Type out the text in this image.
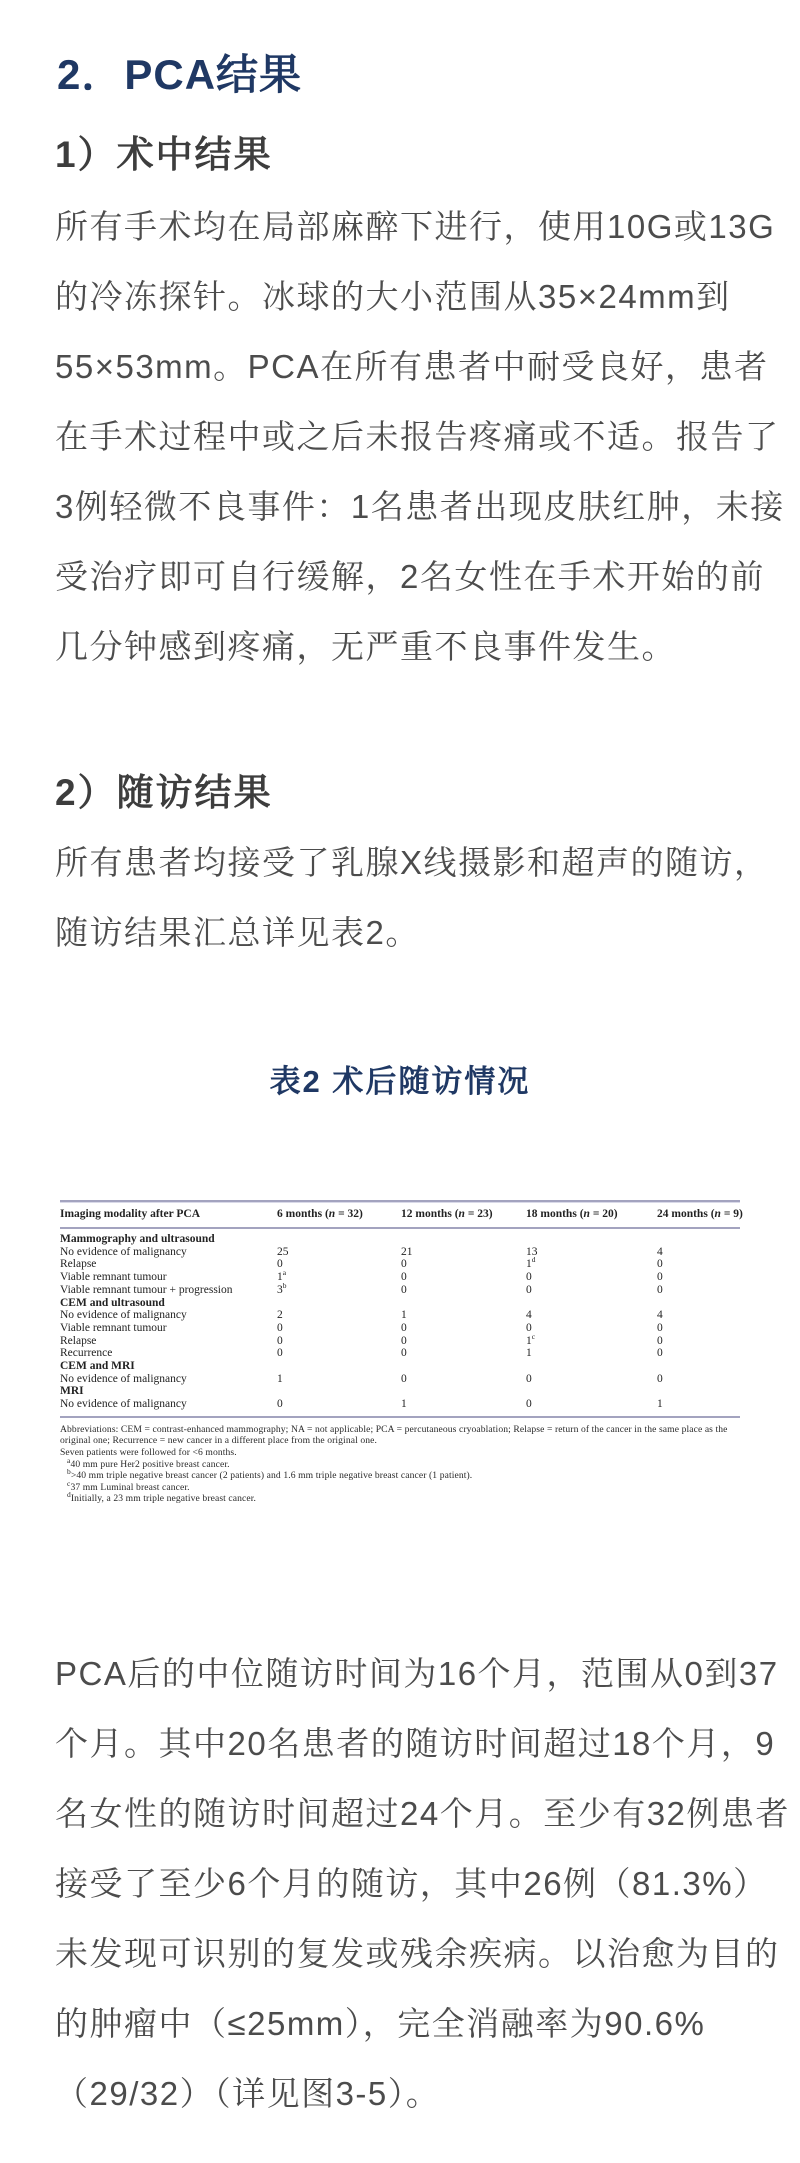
2．PCA结果
1）术中结果
所有手术均在局部麻醉下进行，使用10G或13G
的冷冻探针。冰球的大小范围从35×24mm到
55×53mm。PCA在所有患者中耐受良好，患者
在手术过程中或之后未报告疼痛或不适。报告了
3例轻微不良事件：1名患者出现皮肤红肿，未接
受治疗即可自行缓解，2名女性在手术开始的前
几分钟感到疼痛，无严重不良事件发生。
2）随访结果
所有患者均接受了乳腺X线摄影和超声的随访，
随访结果汇总详见表2。
表2 术后随访情况
Imaging modality after PCA	6 months (n = 32)	12 months (n = 23)	18 months (n = 20)	24 months (n = 9)
Mammography and ultrasound
No evidence of malignancy	25	21	13	4
Relapse	0	0	1$^d$	0
Viable remnant tumour	1$^a$	0	0	0
Viable remnant tumour + progression	3$^b$	0	0	0
CEM and ultrasound
No evidence of malignancy	2	1	4	4
Viable remnant tumour	0	0	0	0
Relapse	0	0	1$^c$	0
Recurrence	0	0	1	0
CEM and MRI
No evidence of malignancy	1	0	0	0
MRI
No evidence of malignancy	0	1	0	1
Abbreviations: CEM = contrast-enhanced mammography; NA = not applicable; PCA = percutaneous cryoablation; Relapse = return of the cancer in the same place as the original one; Recurrence = new cancer in a different place from the original one.
Seven patients were followed for <6 months.
$^a$40 mm pure Her2 positive breast cancer.
$^b$>40 mm triple negative breast cancer (2 patients) and 1.6 mm triple negative breast cancer (1 patient).
$^c$37 mm Luminal breast cancer.
$^d$Initially, a 23 mm triple negative breast cancer.
PCA后的中位随访时间为16个月，范围从0到37
个月。其中20名患者的随访时间超过18个月，9
名女性的随访时间超过24个月。至少有32例患者
接受了至少6个月的随访，其中26例（81.3%）
未发现可识别的复发或残余疾病。以治愈为目的
的肿瘤中（≤25mm），完全消融率为90.6%
（29/32）（详见图3-5）。
